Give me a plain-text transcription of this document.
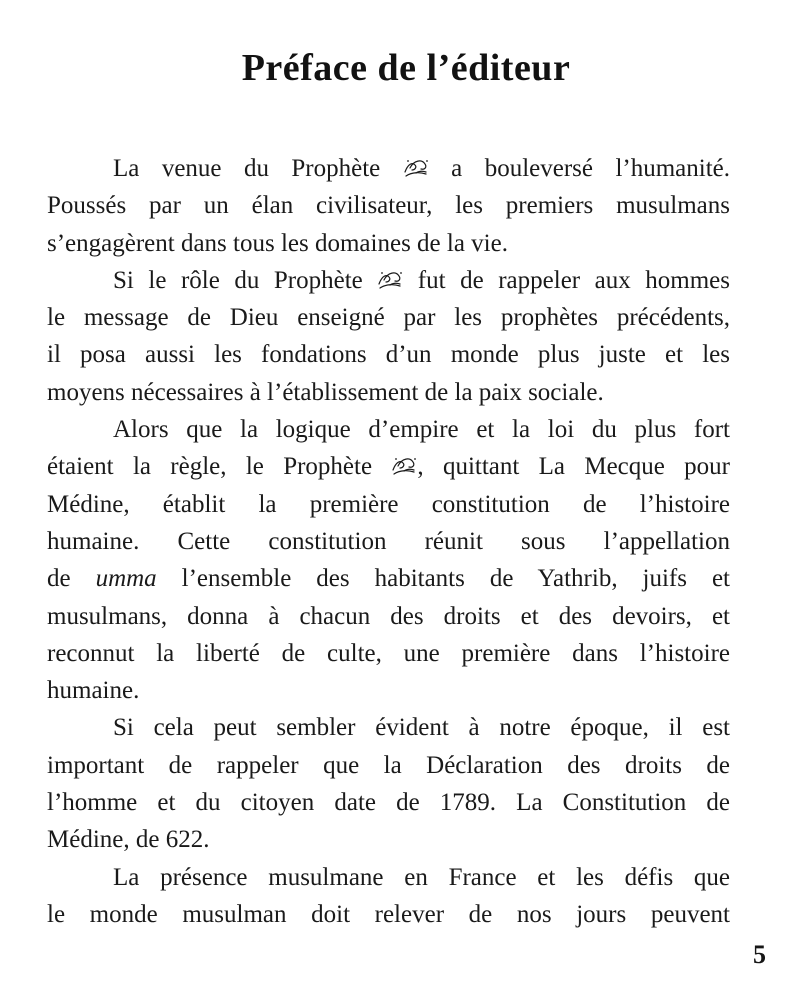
Préface de l’éditeur
La venue du Prophète
a bouleversé l’humanité.
Poussés par un élan civilisateur, les premiers musulmans
s’engagèrent dans tous les domaines de la vie.
Si le rôle du Prophète
fut de rappeler aux hommes
le message de Dieu enseigné par les prophètes précédents,
il posa aussi les fondations d’un monde plus juste et les
moyens nécessaires à l’établissement de la paix sociale.
Alors que la logique d’empire et la loi du plus fort
étaient la règle, le Prophète
, quittant La Mecque pour
Médine, établit la première constitution de l’histoire
humaine. Cette constitution réunit sous l’appellation
de umma l’ensemble des habitants de Yathrib, juifs et
musulmans, donna à chacun des droits et des devoirs, et
reconnut la liberté de culte, une première dans l’histoire
humaine.
Si cela peut sembler évident à notre époque, il est
important de rappeler que la Déclaration des droits de
l’homme et du citoyen date de 1789. La Constitution de
Médine, de 622.
La présence musulmane en France et les défis que
le monde musulman doit relever de nos jours peuvent
5
